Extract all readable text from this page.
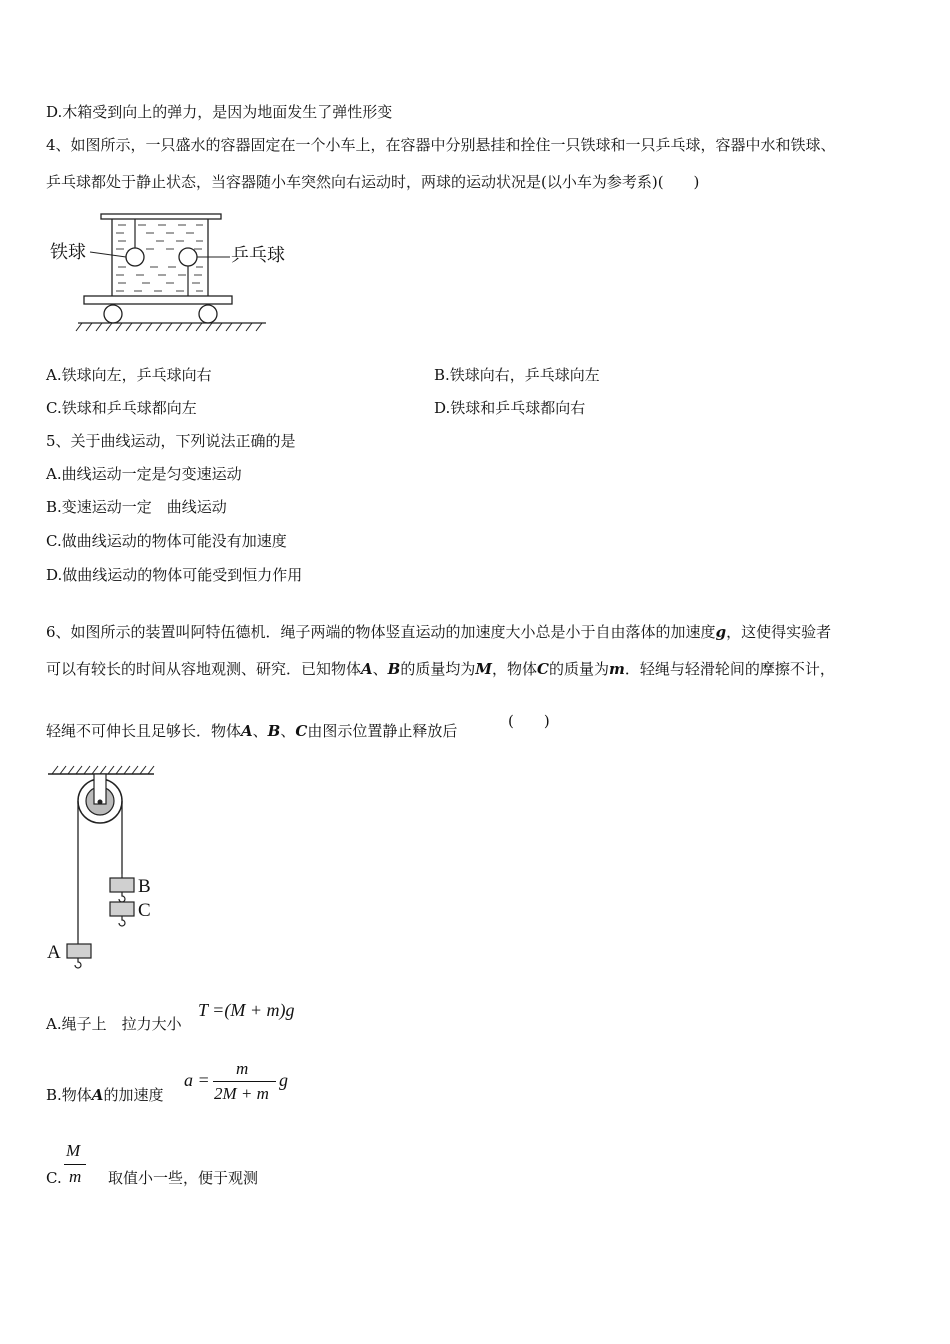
D.木箱受到向上的弹力，是因为地面发生了弹性形变
4、如图所示，一只盛水的容器固定在一个小车上，在容器中分别悬挂和拴住一只铁球和一只乒乓球，容器中水和铁球、
乒乓球都处于静止状态，当容器随小车突然向右运动时，两球的运动状况是(以小车为参考系)(　　)
铁球	乒乓球
A.铁球向左，乒乓球向右	B.铁球向右，乒乓球向左
C.铁球和乒乓球都向左	D.铁球和乒乓球都向右
5、关于曲线运动，下列说法正确的是
A.曲线运动一定是匀变速运动
B.变速运动一定　曲线运动
C.做曲线运动的物体可能没有加速度
D.做曲线运动的物体可能受到恒力作用
6、如图所示的装置叫阿特伍德机．绳子两端的物体竖直运动的加速度大小总是小于自由落体的加速度g，这使得实验者
可以有较长的时间从容地观测、研究．已知物体A、B的质量均为M，物体C的质量为m．轻绳与轻滑轮间的摩擦不计，
轻绳不可伸长且足够长．物体A、B、C由图示位置静止释放后
(　　)
B
C
A
A.绳子上　拉力大小
T =(M + m)g
B.物体A的加速度
a =
m
2M + m
g
C.
M
m 取值小一些，便于观测
